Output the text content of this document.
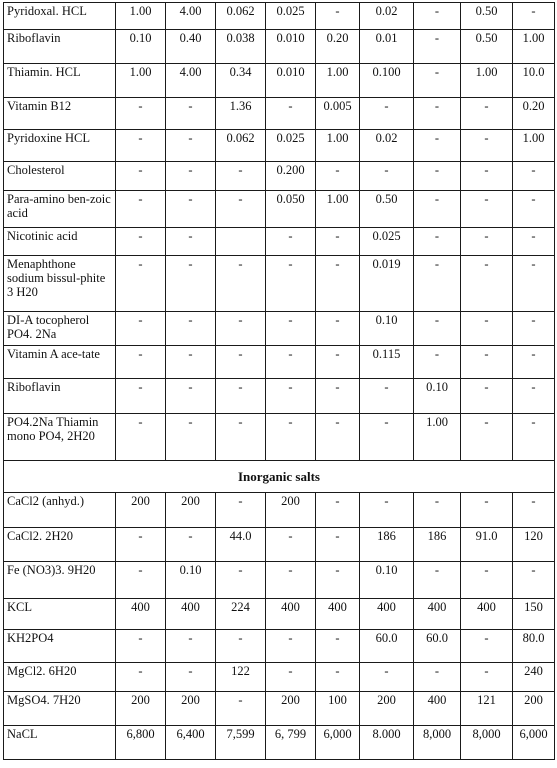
Pyridoxal. HCL	1.00	4.00	0.062	0.025	-	0.02	-	0.50	-
Riboflavin	0.10	0.40	0.038	0.010	0.20	0.01	-	0.50	1.00
Thiamin. HCL	1.00	4.00	0.34	0.010	1.00	0.100	-	1.00	10.0
Vitamin B12	-	-	1.36	-	0.005	-	-	-	0.20
Pyridoxine HCL	-	-	0.062	0.025	1.00	0.02	-	-	1.00
Cholesterol	-	-	-	0.200	-	-	-	-	-
Para-amino ben-zoic acid	-	-	-	0.050	1.00	0.50	-	-	-
Nicotinic acid	-	-		-	-	0.025	-	-	-
Menaphthone sodium bissul-phite 3 H20	-	-	-	-	-	0.019	-	-	-
DI-A tocopherol PO4. 2Na	-	-	-	-	-	0.10	-	-	-
Vitamin A ace-tate	-	-	-	-	-	0.115	-	-	-
Riboflavin	-	-	-	-	-	-	0.10	-	-
PO4.2Na Thiamin mono PO4, 2H20	-	-	-	-	-	-	1.00	-	-
Inorganic salts									
CaCl2 (anhyd.)	200	200	-	200	-	-	-	-	-
CaCl2. 2H20	-	-	44.0	-	-	186	186	91.0	120
Fe (NO3)3. 9H20	-	0.10	-	-	-	0.10	-	-	-
KCL	400	400	224	400	400	400	400	400	150
KH2PO4	-	-	-	-	-	60.0	60.0	-	80.0
MgCl2. 6H20	-	-	122	-	-	-	-	-	240
MgSO4. 7H20	200	200	-	200	100	200	400	121	200
NaCL	6,800	6,400	7,599	6, 799	6,000	8.000	8,000	8,000	6,000
